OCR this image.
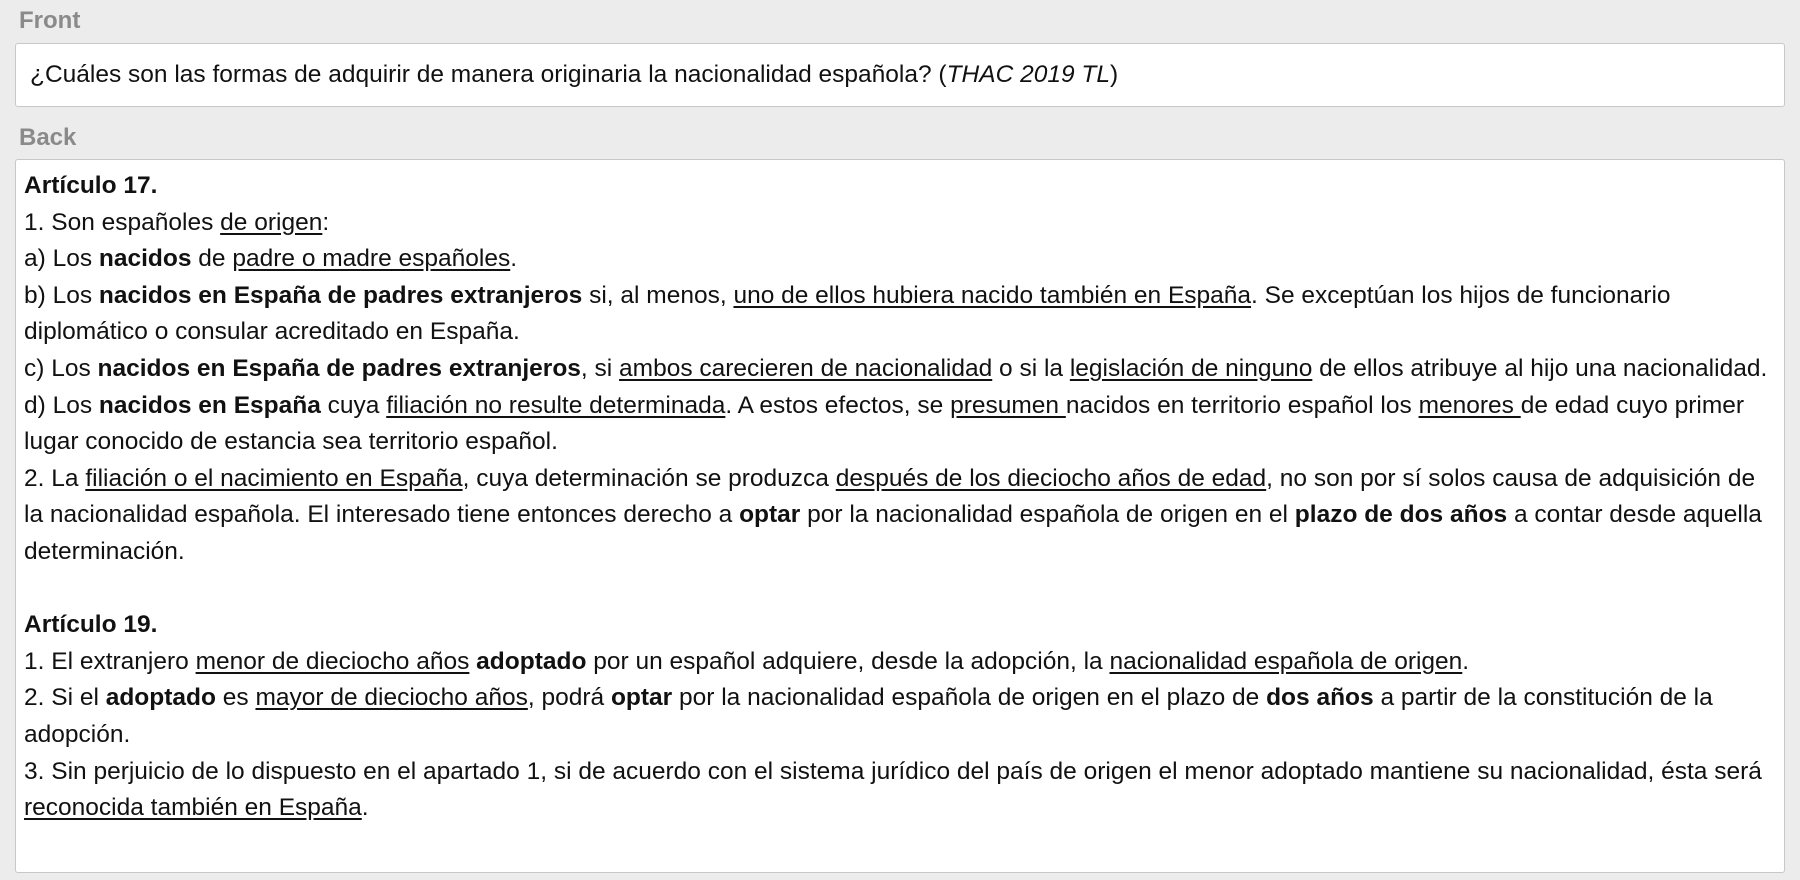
Front
¿Cuáles son las formas de adquirir de manera originaria la nacionalidad española? (THAC 2019 TL)
Back
Artículo 17.
1. Son españoles de origen:
a) Los nacidos de padre o madre españoles.
b) Los nacidos en España de padres extranjeros si, al menos, uno de ellos hubiera nacido también en España. Se exceptúan los hijos de funcionario diplomático o consular acreditado en España.
c) Los nacidos en España de padres extranjeros, si ambos carecieren de nacionalidad o si la legislación de ninguno de ellos atribuye al hijo una nacionalidad.
d) Los nacidos en España cuya filiación no resulte determinada. A estos efectos, se presumen nacidos en territorio español los menores de edad cuyo primer lugar conocido de estancia sea territorio español.
2. La filiación o el nacimiento en España, cuya determinación se produzca después de los dieciocho años de edad, no son por sí solos causa de adquisición de la nacionalidad española. El interesado tiene entonces derecho a optar por la nacionalidad española de origen en el plazo de dos años a contar desde aquella determinación.
Artículo 19.
1. El extranjero menor de dieciocho años adoptado por un español adquiere, desde la adopción, la nacionalidad española de origen.
2. Si el adoptado es mayor de dieciocho años, podrá optar por la nacionalidad española de origen en el plazo de dos años a partir de la constitución de la adopción.
3. Sin perjuicio de lo dispuesto en el apartado 1, si de acuerdo con el sistema jurídico del país de origen el menor adoptado mantiene su nacionalidad, ésta será reconocida también en España.
